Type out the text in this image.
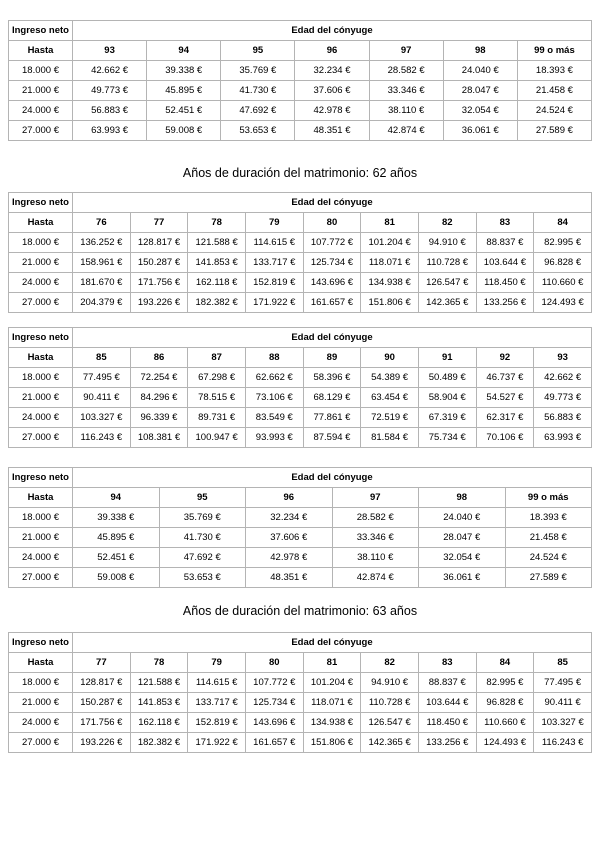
Ingreso neto	Edad del cónyuge						
Hasta	93	94	95	96	97	98	99 o más
18.000 €	42.662 €	39.338 €	35.769 €	32.234 €	28.582 €	24.040 €	18.393 €
21.000 €	49.773 €	45.895 €	41.730 €	37.606 €	33.346 €	28.047 €	21.458 €
24.000 €	56.883 €	52.451 €	47.692 €	42.978 €	38.110 €	32.054 €	24.524 €
27.000 €	63.993 €	59.008 €	53.653 €	48.351 €	42.874 €	36.061 €	27.589 €
Años de duración del matrimonio: 62 años
Ingreso neto	Edad del cónyuge								
Hasta	76	77	78	79	80	81	82	83	84
18.000 €	136.252 €	128.817 €	121.588 €	114.615 €	107.772 €	101.204 €	94.910 €	88.837 €	82.995 €
21.000 €	158.961 €	150.287 €	141.853 €	133.717 €	125.734 €	118.071 €	110.728 €	103.644 €	96.828 €
24.000 €	181.670 €	171.756 €	162.118 €	152.819 €	143.696 €	134.938 €	126.547 €	118.450 €	110.660 €
27.000 €	204.379 €	193.226 €	182.382 €	171.922 €	161.657 €	151.806 €	142.365 €	133.256 €	124.493 €
Ingreso neto	Edad del cónyuge								
Hasta	85	86	87	88	89	90	91	92	93
18.000 €	77.495 €	72.254 €	67.298 €	62.662 €	58.396 €	54.389 €	50.489 €	46.737 €	42.662 €
21.000 €	90.411 €	84.296 €	78.515 €	73.106 €	68.129 €	63.454 €	58.904 €	54.527 €	49.773 €
24.000 €	103.327 €	96.339 €	89.731 €	83.549 €	77.861 €	72.519 €	67.319 €	62.317 €	56.883 €
27.000 €	116.243 €	108.381 €	100.947 €	93.993 €	87.594 €	81.584 €	75.734 €	70.106 €	63.993 €
Ingreso neto	Edad del cónyuge					
Hasta	94	95	96	97	98	99 o más
18.000 €	39.338 €	35.769 €	32.234 €	28.582 €	24.040 €	18.393 €
21.000 €	45.895 €	41.730 €	37.606 €	33.346 €	28.047 €	21.458 €
24.000 €	52.451 €	47.692 €	42.978 €	38.110 €	32.054 €	24.524 €
27.000 €	59.008 €	53.653 €	48.351 €	42.874 €	36.061 €	27.589 €
Años de duración del matrimonio: 63 años
Ingreso neto	Edad del cónyuge								
Hasta	77	78	79	80	81	82	83	84	85
18.000 €	128.817 €	121.588 €	114.615 €	107.772 €	101.204 €	94.910 €	88.837 €	82.995 €	77.495 €
21.000 €	150.287 €	141.853 €	133.717 €	125.734 €	118.071 €	110.728 €	103.644 €	96.828 €	90.411 €
24.000 €	171.756 €	162.118 €	152.819 €	143.696 €	134.938 €	126.547 €	118.450 €	110.660 €	103.327 €
27.000 €	193.226 €	182.382 €	171.922 €	161.657 €	151.806 €	142.365 €	133.256 €	124.493 €	116.243 €
